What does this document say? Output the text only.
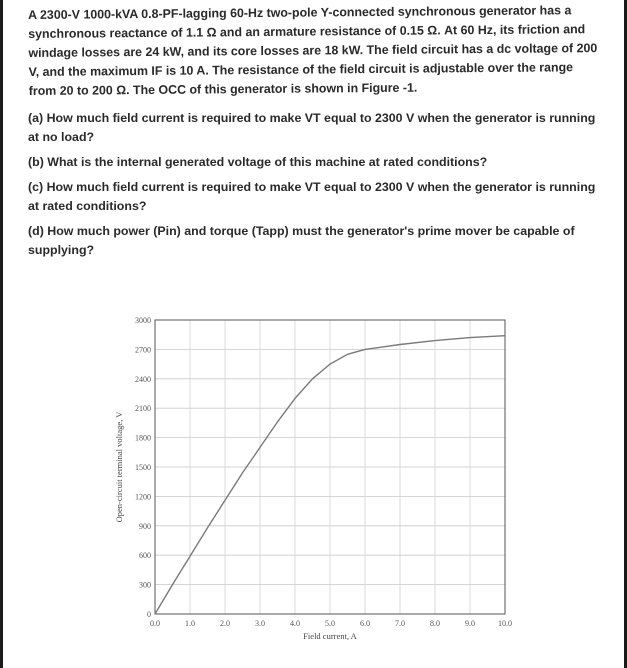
A 2300-V 1000-kVA 0.8-PF-lagging 60-Hz two-pole Y-connected synchronous generator has a synchronous reactance of 1.1 Ω and an armature resistance of 0.15 Ω. At 60 Hz, its friction and windage losses are 24 kW, and its core losses are 18 kW. The field circuit has a dc voltage of 200 V, and the maximum IF is 10 A. The resistance of the field circuit is adjustable over the range from 20 to 200 Ω. The OCC of this generator is shown in Figure -1.

(a) How much field current is required to make VT equal to 2300 V when the generator is running at no load?

(b) What is the internal generated voltage of this machine at rated conditions?

(c) How much field current is required to make VT equal to 2300 V when the generator is running at rated conditions?

(d) How much power (Pin) and torque (Tapp) must the generator's prime mover be capable of supplying?

0
300
600
900
1200
1500
1800
2100
2400
2700
3000
0.0	1.0	2.0	3.0	4.0	5.0	6.0	7.0	8.0	9.0	10.0
Field current, A
Open-circuit terminal voltage, V
